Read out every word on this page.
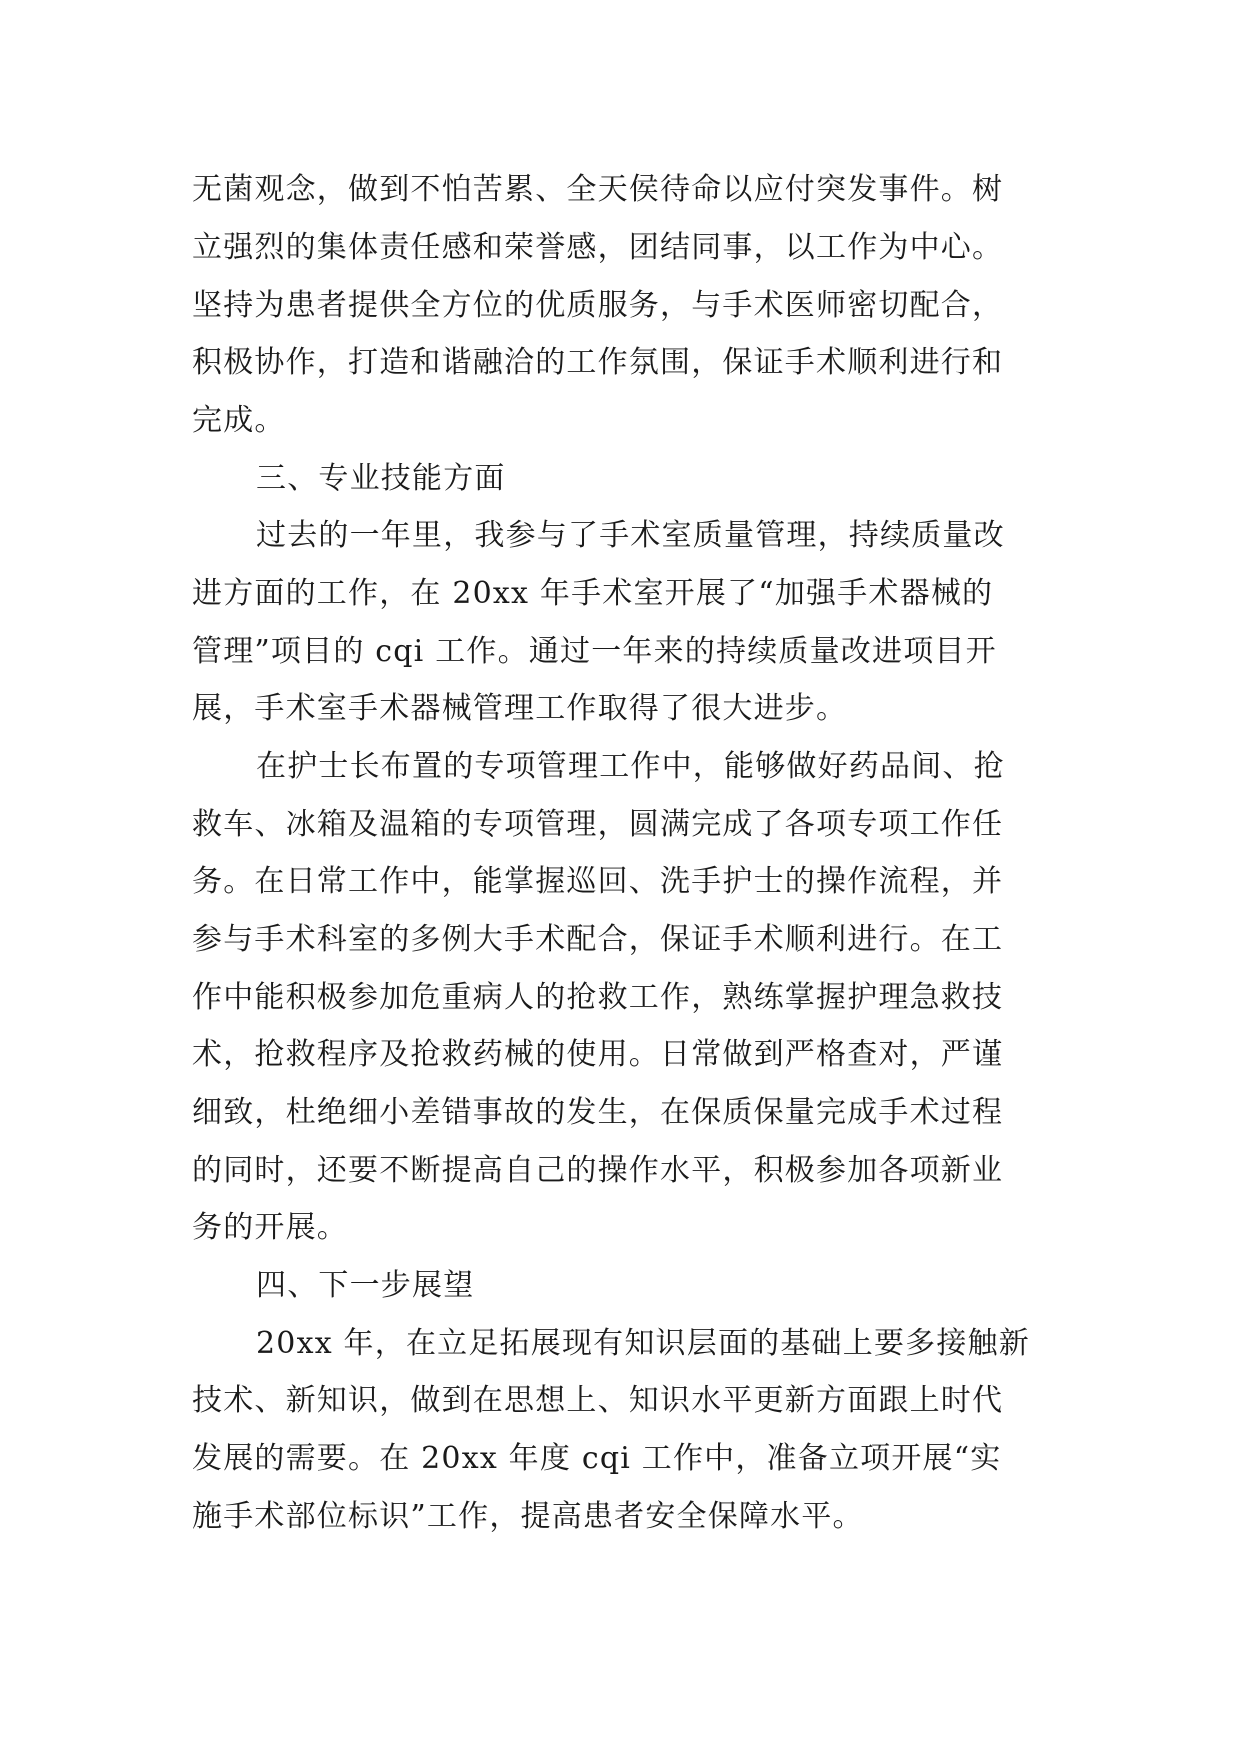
无菌观念，做到不怕苦累、全天侯待命以应付突发事件。树
立强烈的集体责任感和荣誉感，团结同事，以工作为中心。
坚持为患者提供全方位的优质服务，与手术医师密切配合，
积极协作，打造和谐融洽的工作氛围，保证手术顺利进行和
完成。
三、专业技能方面
过去的一年里，我参与了手术室质量管理，持续质量改
进方面的工作，在 20xx 年手术室开展了“加强手术器械的
管理”项目的 cqi 工作。通过一年来的持续质量改进项目开
展，手术室手术器械管理工作取得了很大进步。
在护士长布置的专项管理工作中，能够做好药品间、抢
救车、冰箱及温箱的专项管理，圆满完成了各项专项工作任
务。在日常工作中，能掌握巡回、洗手护士的操作流程，并
参与手术科室的多例大手术配合，保证手术顺利进行。在工
作中能积极参加危重病人的抢救工作，熟练掌握护理急救技
术，抢救程序及抢救药械的使用。日常做到严格查对，严谨
细致，杜绝细小差错事故的发生，在保质保量完成手术过程
的同时，还要不断提高自己的操作水平，积极参加各项新业
务的开展。
四、下一步展望
20xx 年，在立足拓展现有知识层面的基础上要多接触新
技术、新知识，做到在思想上、知识水平更新方面跟上时代
发展的需要。在 20xx 年度 cqi 工作中，准备立项开展“实
施手术部位标识”工作，提高患者安全保障水平。
